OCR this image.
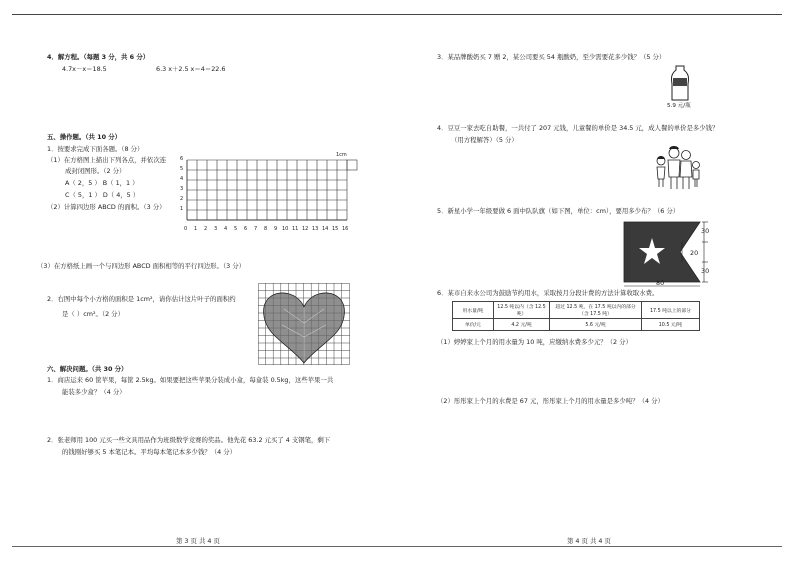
4．解方程。（每题 3 分，共 6 分）
4.7x－x＝18.5	6.3 x＋2.5 x＝4＝22.6
五、操作题。（共 10 分）
1．按要求完成下面各题。（8 分）
（1）在方格图上描出下列各点，并依次连
成封闭图形。（2 分）
A（ 2，5 ） B（ 1，1 ）
C（ 5，1 ） D（ 4，5 ）
（2）计算四边形 ABCD 的面积。（3 分）
1cm
0 1 2 3 4 5 6 7 8 9 10 11 12 13 14 15 16
6
5
4
3
2
1
（3）在方格纸上画一个与四边形 ABCD 面积相等的平行四边形。（3 分）
2．右图中每个小方格的面积是 1cm²，请你估计这片叶子的面积约
是（ ）cm²。（2 分）
六、解决问题。（共 30 分）
1．商店运来 60 筐苹果，每筐 2.5kg。如果要把这些苹果分装成小盒，每盒装 0.5kg，这些苹果一共
能装多少盒？（4 分）
2．张老师用 100 元买一些文具用品作为班级数学竞赛的奖品。他先花 63.2 元买了 4 支钢笔，剩下
的钱刚好够买 5 本笔记本。平均每本笔记本多少钱？（4 分）
第 3 页 共 4 页
3．某品牌酸奶买 7 赠 2，某公司要买 54 瓶酸奶，至少需要花多少钱？（5 分）
5.9 元/瓶
4．豆豆一家去吃自助餐，一共付了 207 元钱，儿童餐的单价是 34.5 元，成人餐的单价是多少钱？
（用方程解答）（5 分）
5．新星小学一年级要做 6 面中队队旗（如下图，单位：cm），要用多少布？（6 分）
30
20
30
80
6．某市自来水公司为鼓励节约用水，采取按月分段计费的方法计算收取水费。
用水量/吨	12.5 吨以内（含 12.5 吨）	超过 12.5 吨，在 17.5 吨以内的部分（含 17.5 吨）	17.5 吨以上的部分
单价/元	4.2 元/吨	5.6 元/吨	10.5 元/吨
（1）婷婷家上个月的用水量为 10 吨，应缴纳水费多少元？（2 分）
（2）彤彤家上个月的水费是 67 元，彤彤家上个月的用水量是多少吨？（4 分）
第 4 页 共 4 页
